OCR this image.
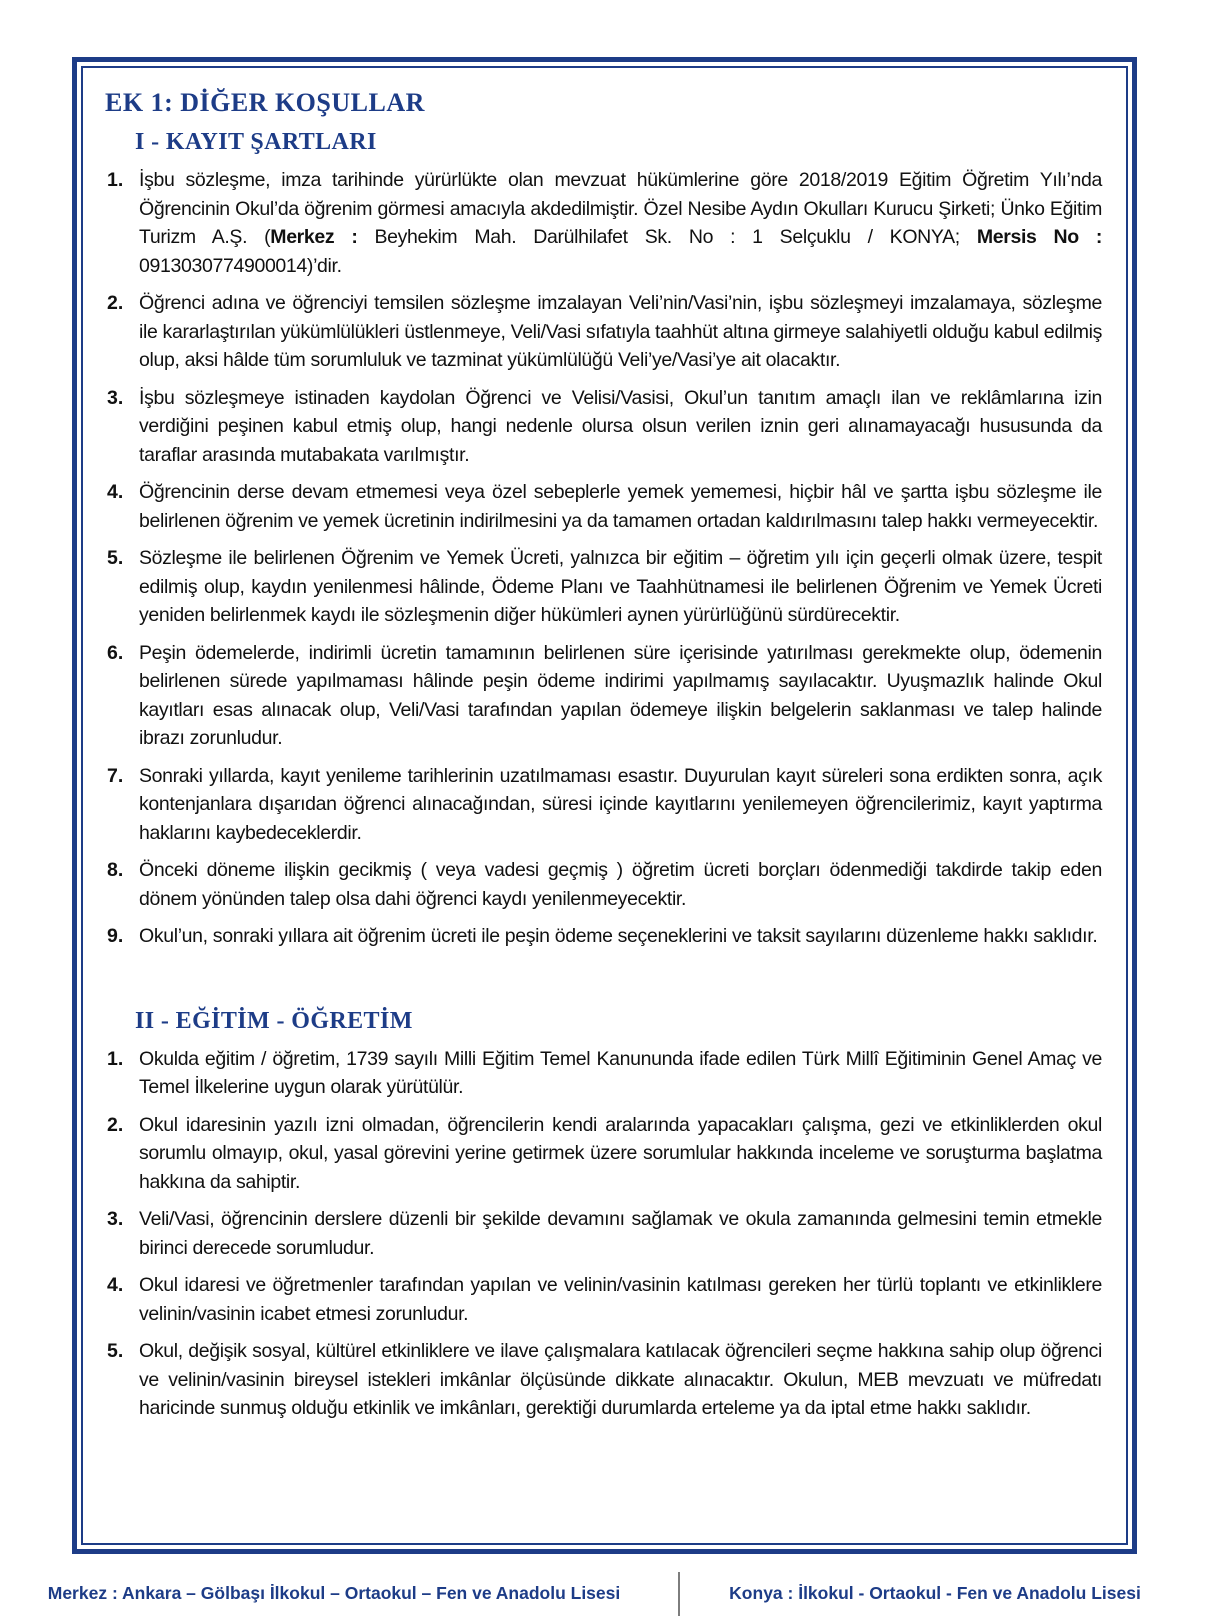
EK 1: DİĞER KOŞULLAR
I - KAYIT ŞARTLARI
1. İşbu sözleşme, imza tarihinde yürürlükte olan mevzuat hükümlerine göre 2018/2019 Eğitim Öğretim Yılı’nda Öğrencinin Okul’da öğrenim görmesi amacıyla akdedilmiştir. Özel Nesibe Aydın Okulları Kurucu Şirketi; Ünko Eğitim Turizm A.Ş. (Merkez : Beyhekim Mah. Darülhilafet Sk. No : 1 Selçuklu / KONYA; Mersis No : 0913030774900014)’dir.
2. Öğrenci adına ve öğrenciyi temsilen sözleşme imzalayan Veli’nin/Vasi’nin, işbu sözleşmeyi imzalamaya, sözleşme ile kararlaştırılan yükümlülükleri üstlenmeye, Veli/Vasi sıfatıyla taahhüt altına girmeye salahiyetli olduğu kabul edilmiş olup, aksi hâlde tüm sorumluluk ve tazminat yükümlülüğü Veli’ye/Vasi’ye ait olacaktır.
3. İşbu sözleşmeye istinaden kaydolan Öğrenci ve Velisi/Vasisi, Okul’un tanıtım amaçlı ilan ve reklâmlarına izin verdiğini peşinen kabul etmiş olup, hangi nedenle olursa olsun verilen iznin geri alınamayacağı hususunda da taraflar arasında mutabakata varılmıştır.
4. Öğrencinin derse devam etmemesi veya özel sebeplerle yemek yememesi, hiçbir hâl ve şartta işbu sözleşme ile belirlenen öğrenim ve yemek ücretinin indirilmesini ya da tamamen ortadan kaldırılmasını talep hakkı vermeyecektir.
5. Sözleşme ile belirlenen Öğrenim ve Yemek Ücreti, yalnızca bir eğitim – öğretim yılı için geçerli olmak üzere, tespit edilmiş olup, kaydın yenilenmesi hâlinde, Ödeme Planı ve Taahhütnamesi ile belirlenen Öğrenim ve Yemek Ücreti yeniden belirlenmek kaydı ile sözleşmenin diğer hükümleri aynen yürürlüğünü sürdürecektir.
6. Peşin ödemelerde, indirimli ücretin tamamının belirlenen süre içerisinde yatırılması gerekmekte olup, ödemenin belirlenen sürede yapılmaması hâlinde peşin ödeme indirimi yapılmamış sayılacaktır. Uyuşmazlık halinde Okul kayıtları esas alınacak olup, Veli/Vasi tarafından yapılan ödemeye ilişkin belgelerin saklanması ve talep halinde ibrazı zorunludur.
7. Sonraki yıllarda, kayıt yenileme tarihlerinin uzatılmaması esastır. Duyurulan kayıt süreleri sona erdikten sonra, açık kontenjanlara dışarıdan öğrenci alınacağından, süresi içinde kayıtlarını yenilemeyen öğrencilerimiz, kayıt yaptırma haklarını kaybedeceklerdir.
8. Önceki döneme ilişkin gecikmiş ( veya vadesi geçmiş ) öğretim ücreti borçları ödenmediği takdirde takip eden dönem yönünden talep olsa dahi öğrenci kaydı yenilenmeyecektir.
9. Okul’un, sonraki yıllara ait öğrenim ücreti ile peşin ödeme seçeneklerini ve taksit sayılarını düzenleme hakkı saklıdır.
II - EĞİTİM - ÖĞRETİM
1. Okulda eğitim / öğretim, 1739 sayılı Milli Eğitim Temel Kanununda ifade edilen Türk Millî Eğitiminin Genel Amaç ve Temel İlkelerine uygun olarak yürütülür.
2. Okul idaresinin yazılı izni olmadan, öğrencilerin kendi aralarında yapacakları çalışma, gezi ve etkinliklerden okul sorumlu olmayıp, okul, yasal görevini yerine getirmek üzere sorumlular hakkında inceleme ve soruşturma başlatma hakkına da sahiptir.
3. Veli/Vasi, öğrencinin derslere düzenli bir şekilde devamını sağlamak ve okula zamanında gelmesini temin etmekle birinci derecede sorumludur.
4. Okul idaresi ve öğretmenler tarafından yapılan ve velinin/vasinin katılması gereken her türlü toplantı ve etkinliklere velinin/vasinin icabet etmesi zorunludur.
5. Okul, değişik sosyal, kültürel etkinliklere ve ilave çalışmalara katılacak öğrencileri seçme hakkına sahip olup öğrenci ve velinin/vasinin bireysel istekleri imkânlar ölçüsünde dikkate alınacaktır. Okulun, MEB mevzuatı ve müfredatı haricinde sunmuş olduğu etkinlik ve imkânları, gerektiği durumlarda erteleme ya da iptal etme hakkı saklıdır.
Merkez : Ankara – Gölbaşı İlkokul – Ortaokul – Fen ve Anadolu Lisesi	Konya : İlkokul - Ortaokul - Fen ve Anadolu Lisesi
